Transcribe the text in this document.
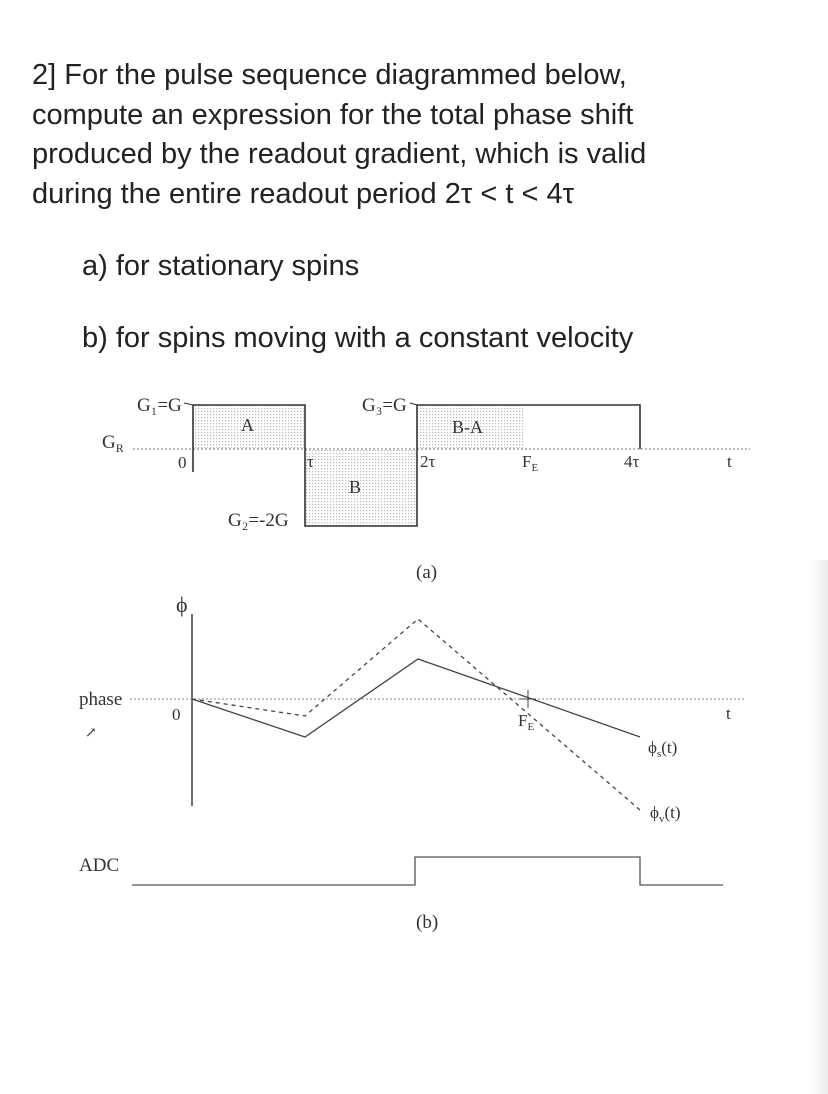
2] For the pulse sequence diagrammed below,
compute an expression for the total phase shift
produced by the readout gradient, which is valid
during the entire readout period 2τ < t < 4τ
a) for stationary spins
b) for spins moving with a constant velocity
$G_R$
G₁=G	G₃=G
G₂=-2G
A
B
B-A
0	τ	2τ	$F_E$	4τ	t
(a)
ϕ
phase
↗
0	$F_E$
t
$\phi_s(t)$
$\phi_v(t)$
ADC
(b)
